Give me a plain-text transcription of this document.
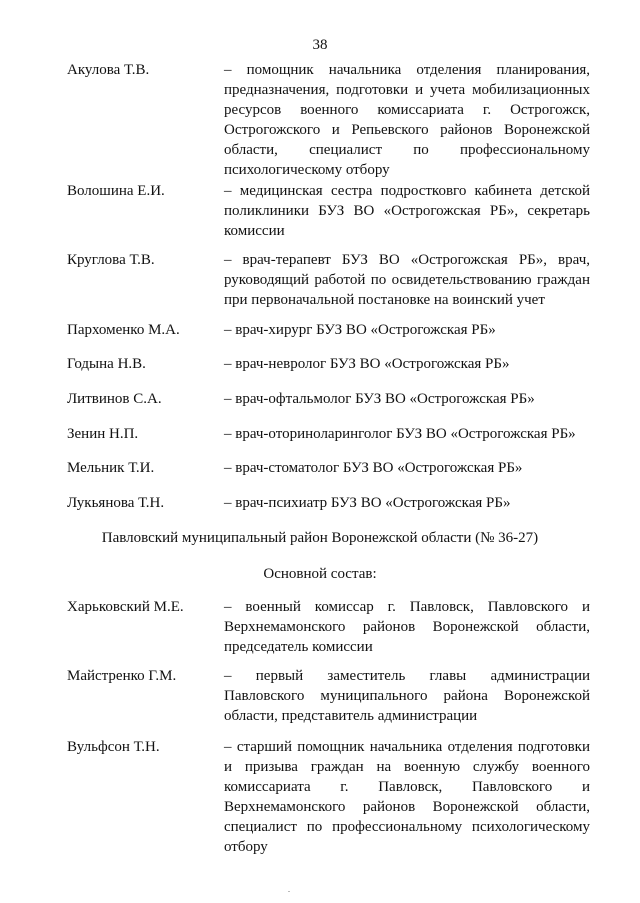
38
Акулова Т.В.	– помощник начальника отделения планирования, предназначения, подготовки и учета мобилизационных ресурсов военного комиссариата г. Острогожск, Острогожского и Репьевского районов Воронежской области, специалист по профессиональному психологическому отбору
Волошина Е.И.	– медицинская сестра подростковго кабинета детской поликлиники БУЗ ВО «Острогожская РБ», секретарь комиссии
Круглова Т.В.	– врач-терапевт БУЗ ВО «Острогожская РБ», врач, руководящий работой по освидетельствованию граждан при первоначальной постановке на воинский учет
Пархоменко М.А.	– врач-хирург БУЗ ВО «Острогожская РБ»
Годына Н.В.	– врач-невролог БУЗ ВО «Острогожская РБ»
Литвинов С.А.	– врач-офтальмолог БУЗ ВО «Острогожская РБ»
Зенин Н.П.	– врач-оториноларинголог БУЗ ВО «Острогожская РБ»
Мельник Т.И.	– врач-стоматолог БУЗ ВО «Острогожская РБ»
Лукьянова Т.Н.	– врач-психиатр БУЗ ВО «Острогожская РБ»
Павловский муниципальный район Воронежской области (№ 36-27)
Основной состав:
Харьковский М.Е.	– военный комиссар г. Павловск, Павловского и Верхнемамонского районов Воронежской области, председатель комиссии
Майстренко Г.М.	– первый заместитель главы администрации Павловского муниципального района Воронежской области, представитель администрации
Вульфсон Т.Н.	– старший помощник начальника отделения подготовки и призыва граждан на военную службу военного комиссариата г. Павловск, Павловского и Верхнемамонского районов Воронежской области, специалист по профессиональному психологическому отбору
